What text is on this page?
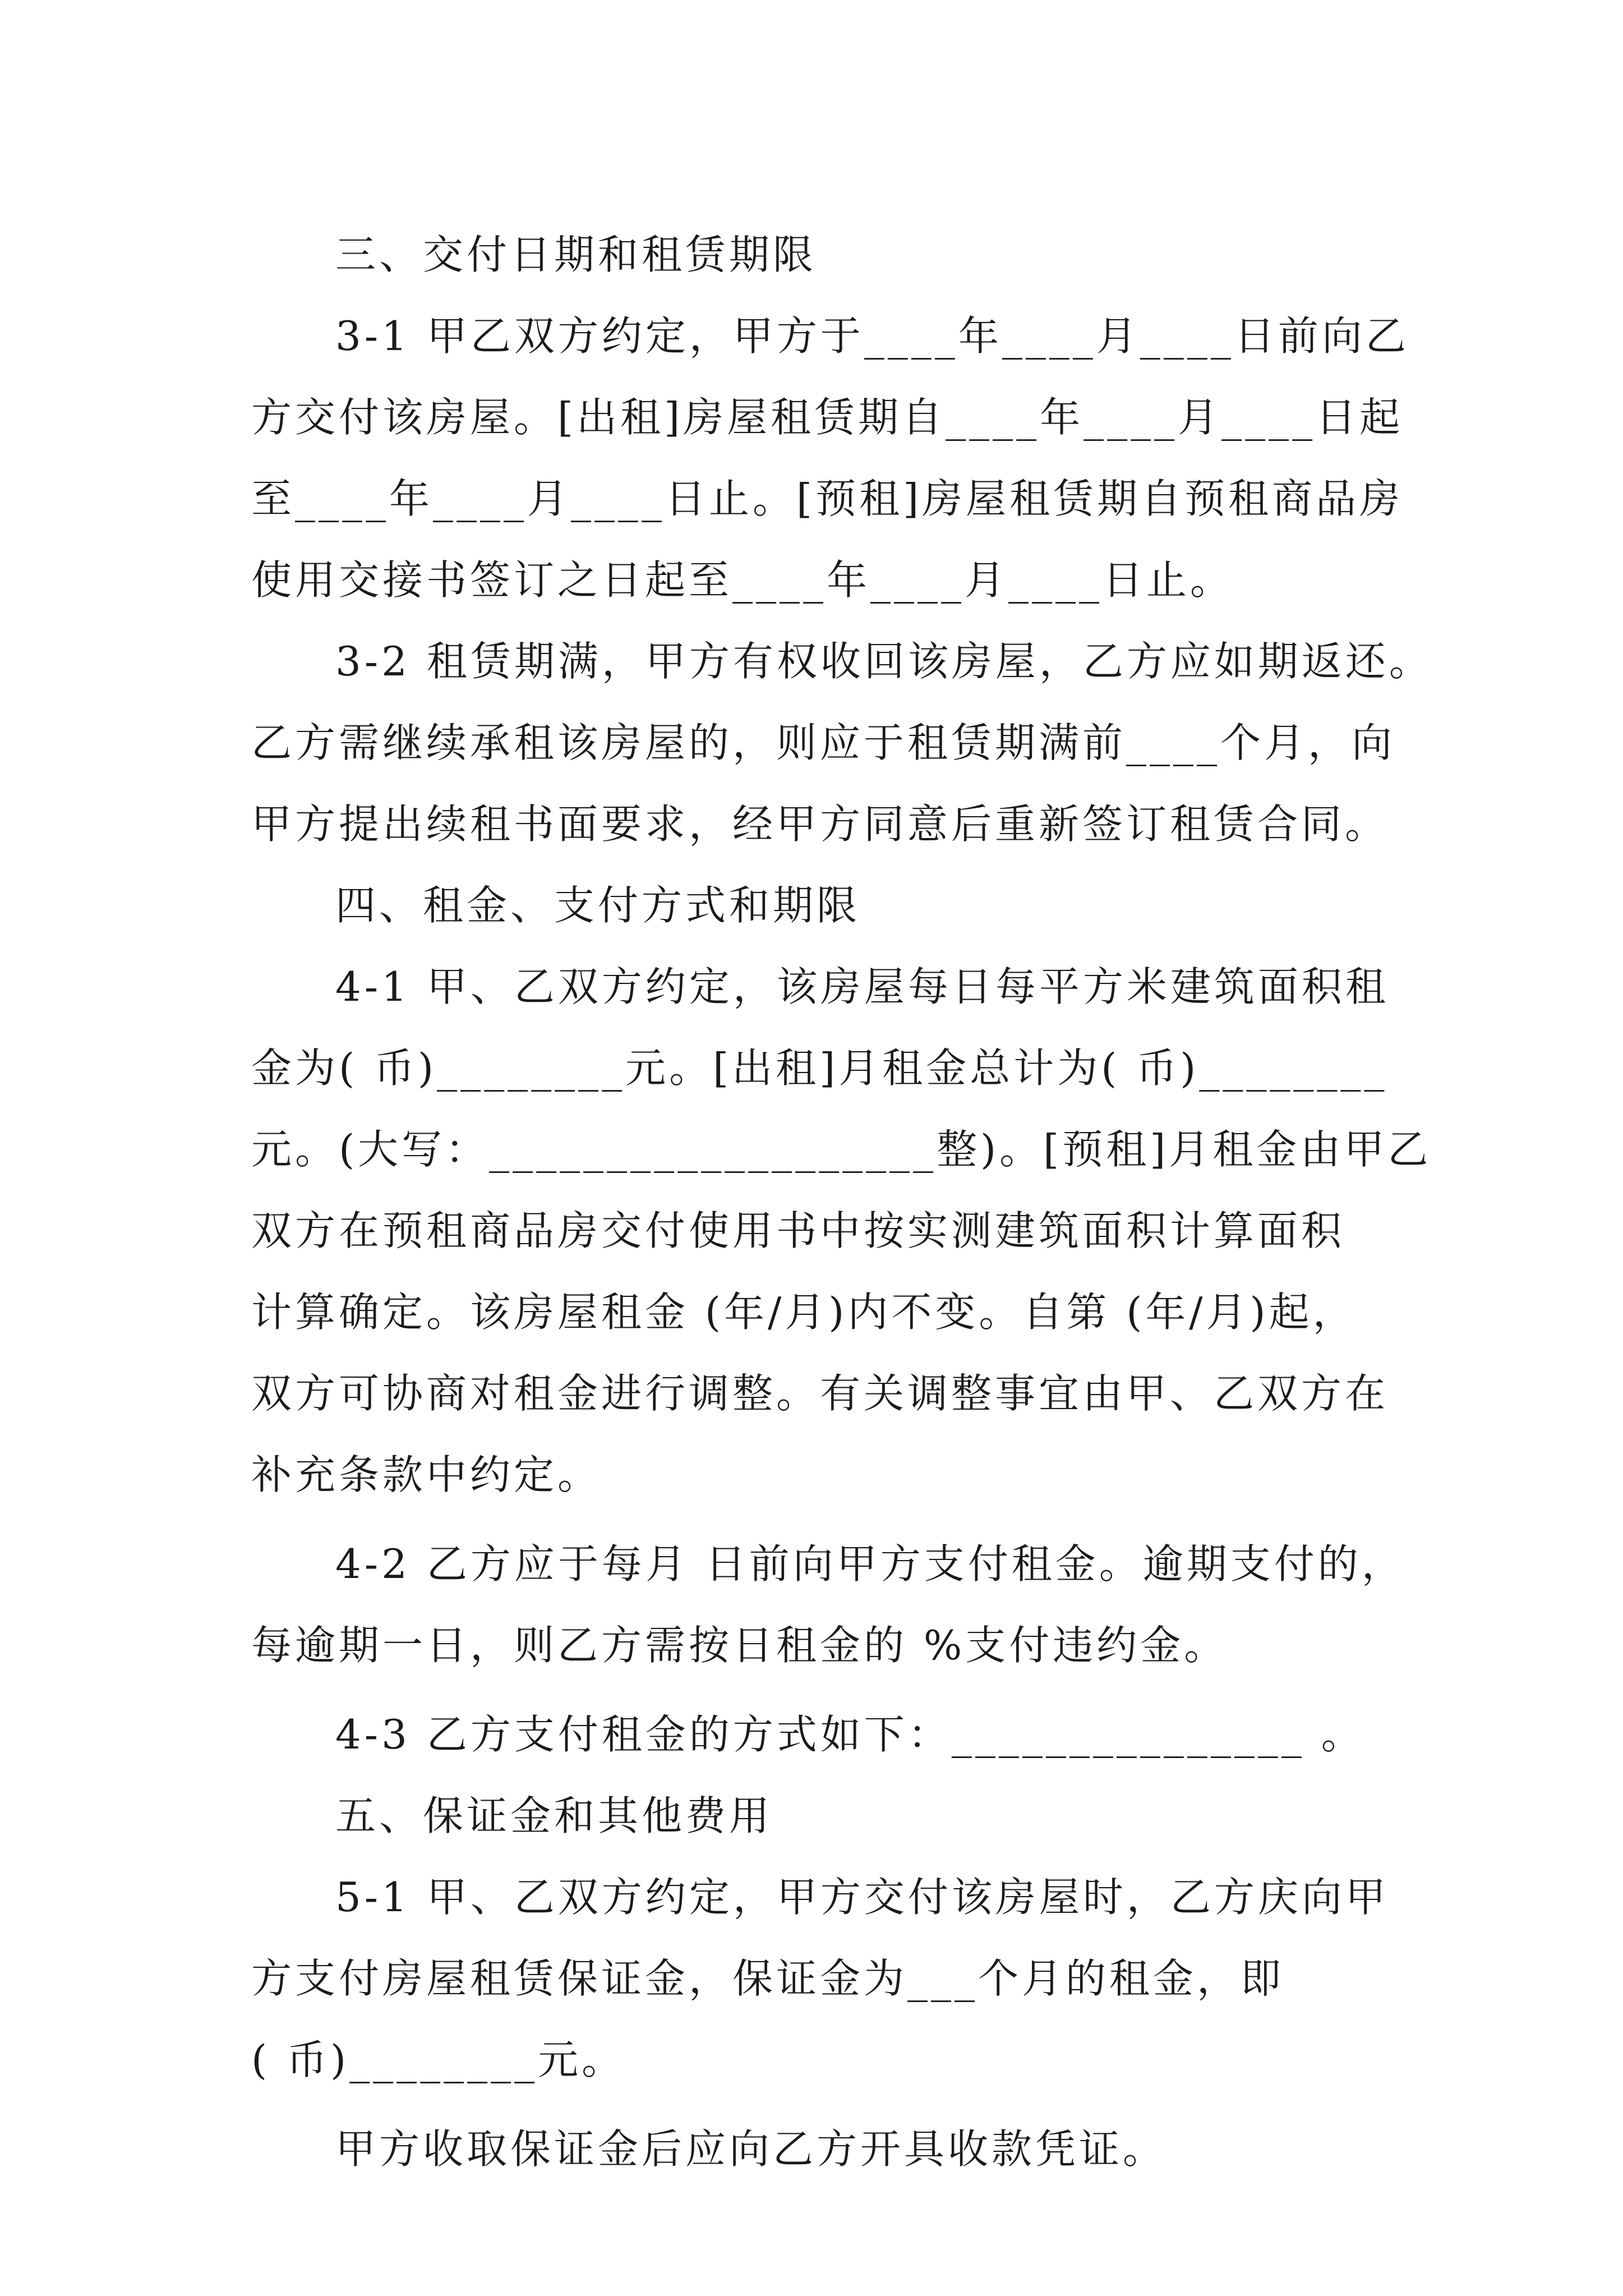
三、交付日期和租赁期限
3-1 甲乙双方约定，甲方于____年____月____日前向乙
方交付该房屋。[出租]房屋租赁期自____年____月____日起
至____年____月____日止。[预租]房屋租赁期自预租商品房
使用交接书签订之日起至____年____月____日止。
3-2 租赁期满，甲方有权收回该房屋，乙方应如期返还。
乙方需继续承租该房屋的，则应于租赁期满前____个月，向
甲方提出续租书面要求，经甲方同意后重新签订租赁合同。
四、租金、支付方式和期限
4-1 甲、乙双方约定，该房屋每日每平方米建筑面积租
金为( 币)________元。[出租]月租金总计为( 币)________
元。(大写：___________________整)。[预租]月租金由甲乙
双方在预租商品房交付使用书中按实测建筑面积计算面积
计算确定。该房屋租金 (年/月)内不变。自第 (年/月)起，
双方可协商对租金进行调整。有关调整事宜由甲、乙双方在
补充条款中约定。
4-2 乙方应于每月 日前向甲方支付租金。逾期支付的，
每逾期一日，则乙方需按日租金的 %支付违约金。
4-3 乙方支付租金的方式如下：_______________ 。
五、保证金和其他费用
5-1 甲、乙双方约定，甲方交付该房屋时，乙方庆向甲
方支付房屋租赁保证金，保证金为___个月的租金，即
( 币)________元。
甲方收取保证金后应向乙方开具收款凭证。
